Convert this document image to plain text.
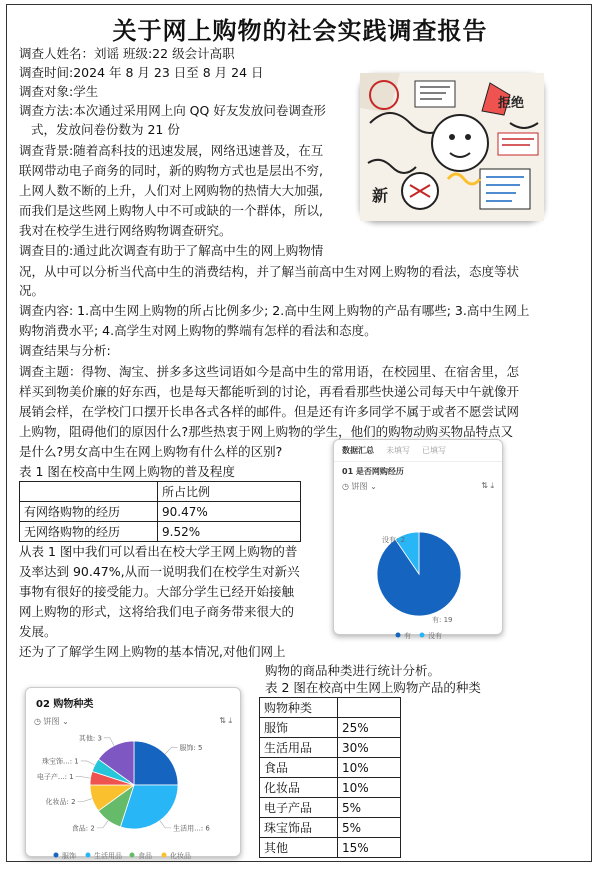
关于网上购物的社会实践调查报告
调查人姓名：刘谣 班级:22 级会计高职
调查时间:2024 年 8 月 23 日至 8 月 24 日
调查对象:学生
调查方法:本次通过采用网上向 QQ 好友发放问卷调查形
式，发放问卷份数为 21 份
调查背景:随着高科技的迅速发展，网络迅速普及，在互
联网带动电子商务的同时，新的购物方式也是层出不穷,
上网人数不断的上升，人们对上网购物的热情大大加强,
而我们是这些网上购物人中不可或缺的一个群体，所以,
我对在校学生进行网络购物调查研究。
拒绝
新
调查目的:通过此次调查有助于了解高中生的网上购物情
况，从中可以分析当代高中生的消费结构，并了解当前高中生对网上购物的看法，态度等状
况。
调查内容: 1.高中生网上购物的所占比例多少; 2.高中生网上购物的产品有哪些; 3.高中生网上
购物消费水平; 4.高学生对网上购物的弊端有怎样的看法和态度。
调查结果与分析:
调查主题：得物、淘宝、拼多多这些词语如今是高中生的常用语，在校园里、在宿舍里，怎
样买到物美价廉的好东西，也是每天都能听到的讨论，再看看那些快递公司每天中午就像开
展销会样，在学校门口摆开长串各式各样的邮件。但是还有许多同学不属于或者不愿尝试网
上购物，阻碍他们的原因什么?那些热衷于网上购物的学生，他们的购物动购买物品特点又
是什么?男女高中生在网上购物有什么样的区别?
表 1 图在校高中生网上购物的普及程度
	所占比例
有网络购物的经历	90.47%
无网络购物的经历	9.52%
从表 1 图中我们可以看出在校大学王网上购物的普
及率达到 90.47%,从而一说明我们在校学生对新兴
事物有很好的接受能力。大部分学生已经开始接触
网上购物的形式，这将给我们电子商务带来很大的
发展。
还为了了解学生网上购物的基本情况,对他们网上
购物的商品种类进行统计分析。
数据汇总 未填写 已填写
01 是否网购经历
◷ 饼图 ⌄	⇅ ⤓
没有: 2
有: 19
有 没有
02 购物种类
◷ 饼图 ⌄	⇅ ⤓
服饰: 5
生活用...: 6
食品: 2
化妆品: 2
电子产...: 1
珠宝饰...: 1
其他: 3
服饰	生活用品 食品	化妆品
表 2 图在校高中生网上购物产品的种类
购物种类	
服饰	25%
生活用品	30%
食品	10%
化妆品	10%
电子产品	5%
珠宝饰品	5%
其他	15%
